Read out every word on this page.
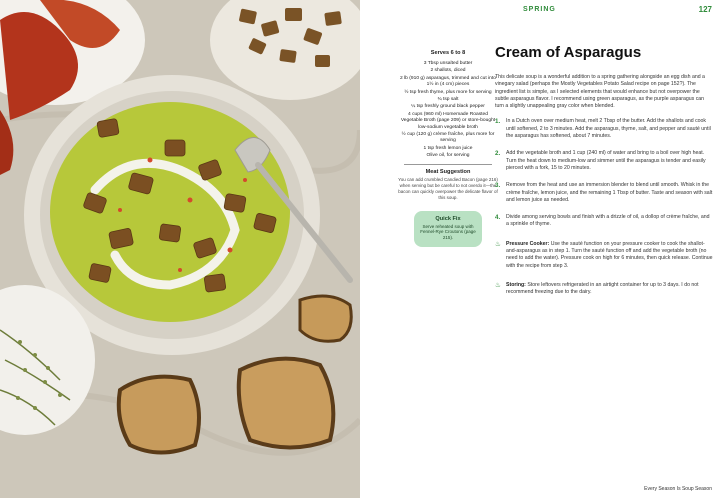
SPRING	127
Serves 6 to 8
3 Tbsp unsalted butter
2 shallots, diced
2 lb (910 g) asparagus, trimmed and cut into 1½ in (4 cm) pieces
½ tsp fresh thyme, plus more for serving
¾ tsp salt
¼ tsp freshly ground black pepper
4 cups (960 ml) Homemade Roasted Vegetable Broth (page 209) or store-bought low-sodium vegetable broth
½ cup (120 g) crème fraîche, plus more for serving
1 tsp fresh lemon juice
Olive oil, for serving
Meat Suggestion
You can add crumbled Candied Bacon (page 216) when serving but be careful to not overdo it—the bacon can quickly overpower the delicate flavor of this soup.
Quick Fix
Serve reheated soup with Fennel-Rye Croutons (page 215).
Cream of Asparagus

This delicate soup is a wonderful addition to a spring gathering alongside an egg dish and a vinegary salad (perhaps the Mostly Vegetables Potato Salad recipe on page 152?). The ingredient list is simple, as I selected elements that would enhance but not overpower the subtle asparagus flavor. I recommend using green asparagus, as the purple asparagus can turn a slightly unappealing gray color when blended.

1.	In a Dutch oven over medium heat, melt 2 Tbsp of the butter. Add the shallots and cook until softened, 2 to 3 minutes. Add the asparagus, thyme, salt, and pepper and sauté until the asparagus has softened, about 7 minutes.
2.	Add the vegetable broth and 1 cup (240 ml) of water and bring to a boil over high heat. Turn the heat down to medium-low and simmer until the asparagus is tender and easily pierced with a fork, 15 to 20 minutes.
3.	Remove from the heat and use an immersion blender to blend until smooth. Whisk in the crème fraîche, lemon juice, and the remaining 1 Tbsp of butter. Taste and season with salt and lemon juice as needed.
4.	Divide among serving bowls and finish with a drizzle of oil, a dollop of crème fraîche, and a sprinkle of thyme.
♨ Pressure Cooker: Use the sauté function on your pressure cooker to cook the shallot-and-asparagus as in step 1. Turn the sauté function off and add the vegetable broth (no need to add the water). Pressure cook on high for 6 minutes, then quick release. Continue with the recipe from step 3.
♨ Storing: Store leftovers refrigerated in an airtight container for up to 3 days. I do not recommend freezing due to the dairy.
Every Season Is Soup Season
